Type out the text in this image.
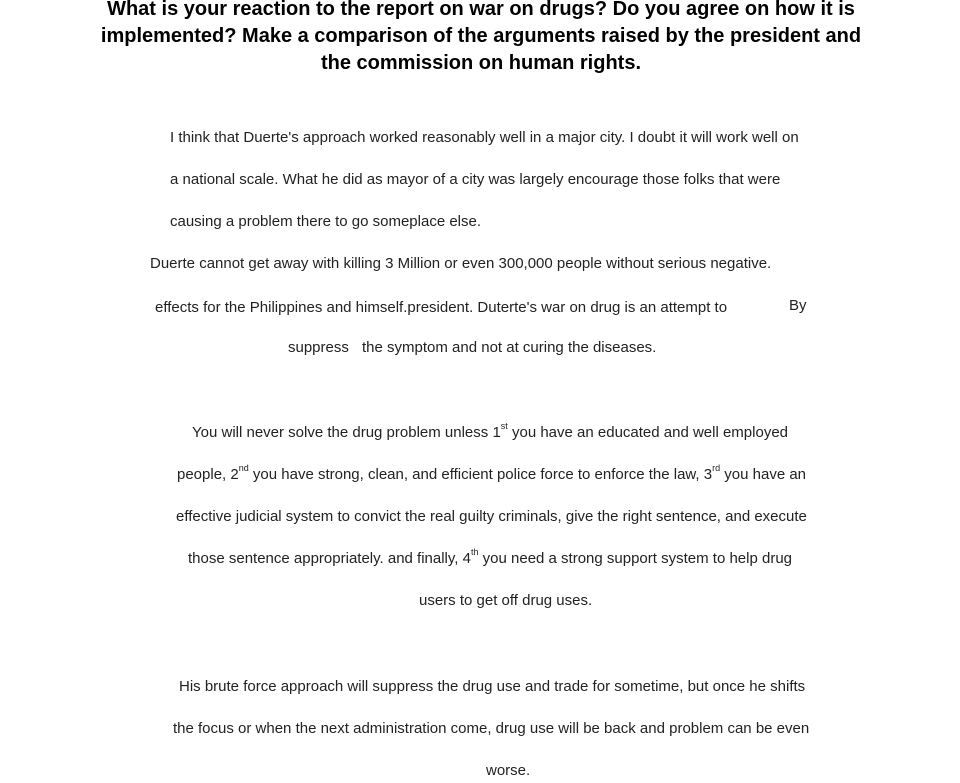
What is your reaction to the report on war on drugs? Do you agree on how it is implemented? Make a comparison of the arguments raised by the president and the commission on human rights.
I think that Duerte's approach worked reasonably well in a major city. I doubt it will work well on
a national scale. What he did as mayor of a city was largely encourage those folks that were
causing a problem there to go someplace else.
Duerte cannot get away with killing 3 Million or even 300,000 people without serious negative.
effects for the Philippines and himself.president. Duterte's war on drug is an attempt to	By
suppress the symptom and not at curing the diseases.
You will never solve the drug problem unless 1st you have an educated and well employed
people, 2nd you have strong, clean, and efficient police force to enforce the law, 3rd you have an
effective judicial system to convict the real guilty criminals, give the right sentence, and execute
those sentence appropriately. and finally, 4th you need a strong support system to help drug
users to get off drug uses.
His brute force approach will suppress the drug use and trade for sometime, but once he shifts
the focus or when the next administration come, drug use will be back and problem can be even
worse.
